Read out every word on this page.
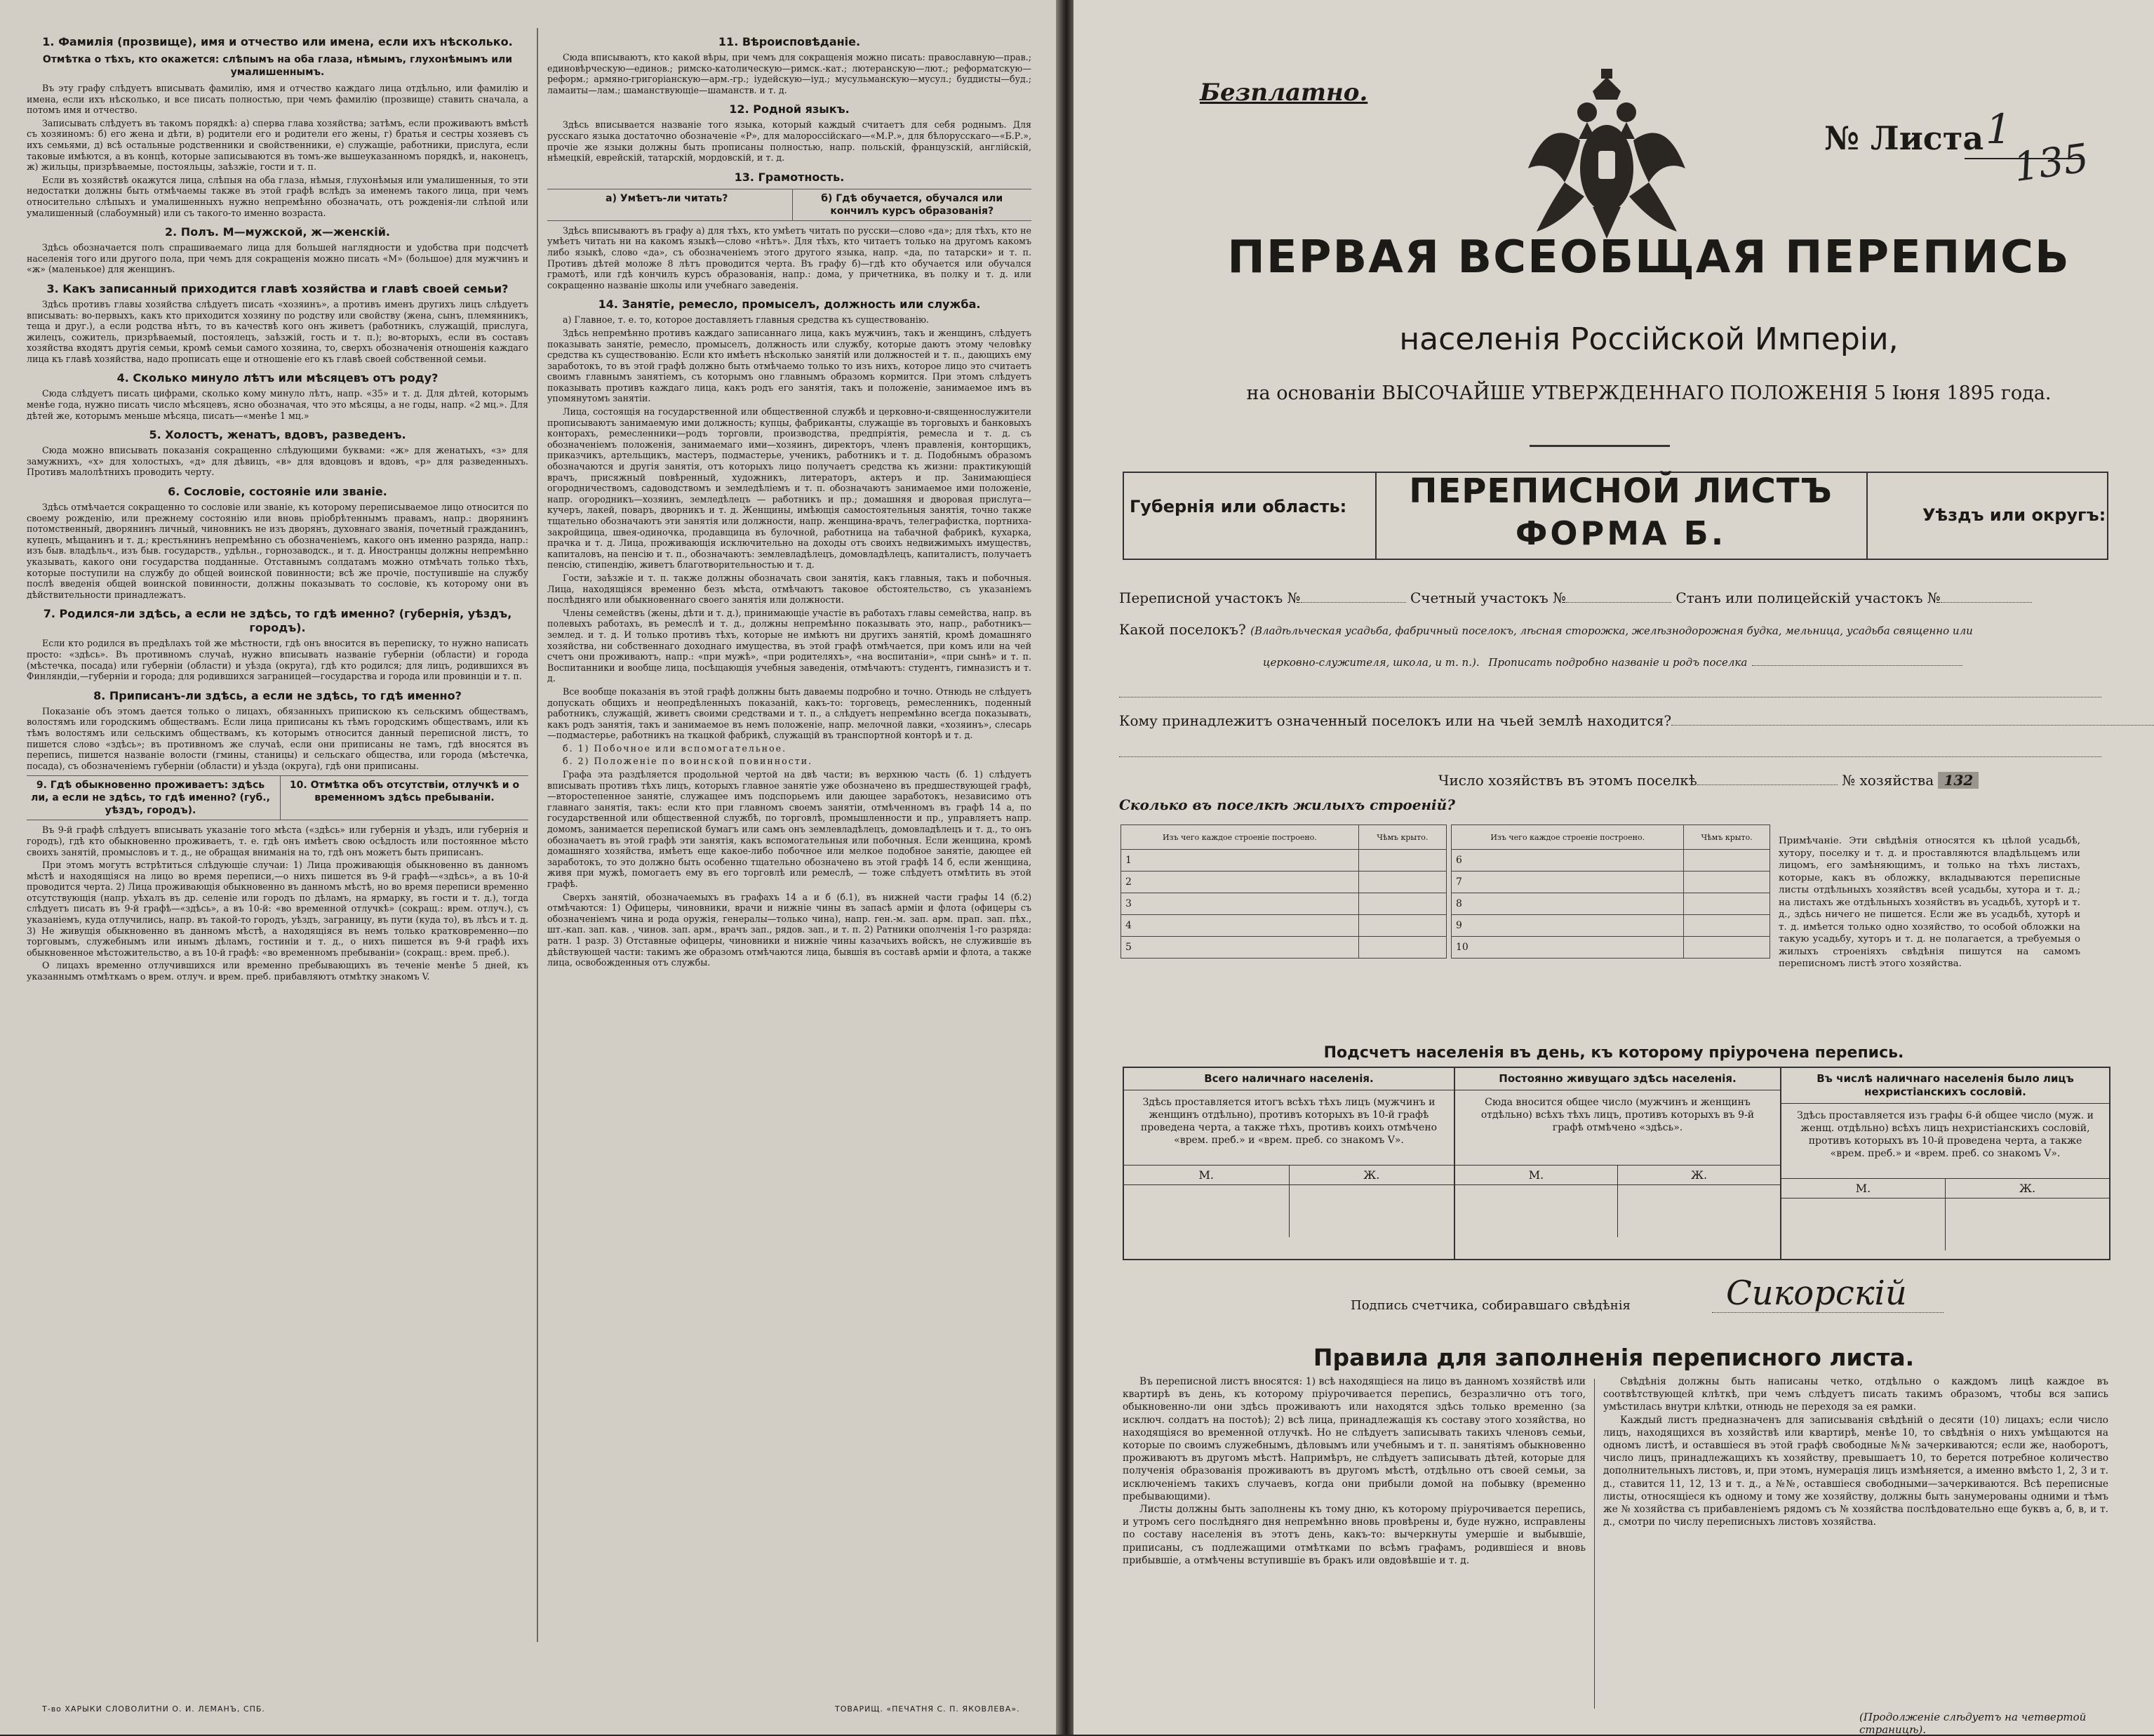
1. Фамилія (прозвище), имя и отчество или имена, если ихъ нѣсколько.

Отмѣтка о тѣхъ, кто окажется: слѣпымъ на оба глаза, нѣмымъ, глухонѣмымъ или умалишеннымъ.

Въ эту графу слѣдуетъ вписывать фамилію, имя и отчество каждаго лица отдѣльно, или фамилію и имена, если ихъ нѣсколько, и все писать полностью, при чемъ фамилію (прозвище) ставить сначала, а потомъ имя и отчество.

Записывать слѣдуетъ въ такомъ порядкѣ: а) сперва глава хозяйства; затѣмъ, если проживаютъ вмѣстѣ съ хозяиномъ: б) его жена и дѣти, в) родители его и родители его жены, г) братья и сестры хозяевъ съ ихъ семьями, д) всѣ остальные родственники и свойственники, е) служащіе, работники, прислуга, если таковые имѣются, а въ концѣ, которые записываются въ томъ-же вышеуказанномъ порядкѣ, и, наконецъ, ж) жильцы, призрѣваемые, постояльцы, заѣзжіе, гости и т. п.

Если въ хозяйствѣ окажутся лица, слѣпыя на оба глаза, нѣмыя, глухонѣмыя или умалишенныя, то эти недостатки должны быть отмѣчаемы также въ этой графѣ вслѣдъ за именемъ такого лица, при чемъ относительно слѣпыхъ и умалишенныхъ нужно непремѣнно обозначать, отъ рожденія-ли слѣпой или умалишенный (слабоумный) или съ такого-то именно возраста.

2. Полъ. М—мужской, ж—женскій.

Здѣсь обозначается полъ спрашиваемаго лица для большей наглядности и удобства при подсчетѣ населенія того или другого пола, при чемъ для сокращенія можно писать «М» (большое) для мужчинъ и «ж» (маленькое) для женщинъ.

3. Какъ записанный приходится главѣ хозяйства и главѣ своей семьи?

Здѣсь противъ главы хозяйства слѣдуетъ писать «хозяинъ», а противъ именъ другихъ лицъ слѣдуетъ вписывать: во-первыхъ, какъ кто приходится хозяину по родству или свойству (жена, сынъ, племянникъ, теща и друг.), а если родства нѣтъ, то въ качествѣ кого онъ живетъ (работникъ, служащій, прислуга, жилецъ, сожитель, призрѣваемый, постоялецъ, заѣзжій, гость и т. п.); во-вторыхъ, если въ составъ хозяйства входятъ другія семьи, кромѣ семьи самого хозяина, то, сверхъ обозначенія отношенія каждаго лица къ главѣ хозяйства, надо прописать еще и отношеніе его къ главѣ своей собственной семьи.

4. Сколько минуло лѣтъ или мѣсяцевъ отъ роду?

Сюда слѣдуетъ писать цифрами, сколько кому минуло лѣтъ, напр. «35» и т. д. Для дѣтей, которымъ менѣе года, нужно писать число мѣсяцевъ, ясно обозначая, что это мѣсяцы, а не годы, напр. «2 мц.». Для дѣтей же, которымъ меньше мѣсяца, писать—«менѣе 1 мц.»

5. Холостъ, женатъ, вдовъ, разведенъ.

Сюда можно вписывать показанія сокращенно слѣдующими буквами: «ж» для женатыхъ, «з» для замужнихъ, «х» для холостыхъ, «д» для дѣвицъ, «в» для вдовцовъ и вдовъ, «р» для разведенныхъ. Противъ малолѣтнихъ проводить черту.

6. Сословіе, состояніе или званіе.

Здѣсь отмѣчается сокращенно то сословіе или званіе, къ которому переписываемое лицо относится по своему рожденію, или прежнему состоянію или вновь пріобрѣтеннымъ правамъ, напр.: дворянинъ потомственный, дворянинъ личный, чиновникъ не изъ дворянъ, духовнаго званія, почетный гражданинъ, купецъ, мѣщанинъ и т. д.; крестьянинъ непремѣнно съ обозначеніемъ, какого онъ именно разряда, напр.: изъ быв. владѣльч., изъ быв. государств., удѣльн., горнозаводск., и т. д. Иностранцы должны непремѣнно указывать, какого они государства подданные. Отставнымъ солдатамъ можно отмѣчать только тѣхъ, которые поступили на службу до общей воинской повинности; всѣ же прочіе, поступившіе на службу послѣ введенія общей воинской повинности, должны показывать то сословіе, къ которому они въ дѣйствительности принадлежатъ.

7. Родился-ли здѣсь, а если не здѣсь, то гдѣ именно? (губернія, уѣздъ, городъ).

Если кто родился въ предѣлахъ той же мѣстности, гдѣ онъ вносится въ переписку, то нужно написать просто: «здѣсь». Въ противномъ случаѣ, нужно вписывать названіе губерніи (области) и города (мѣстечка, посада) или губерніи (области) и уѣзда (округа), гдѣ кто родился; для лицъ, родившихся въ Финляндіи,—губерніи и города; для родившихся заграницей—государства и города или провинціи и т. п.

8. Приписанъ-ли здѣсь, а если не здѣсь, то гдѣ именно?

Показаніе объ этомъ дается только о лицахъ, обязанныхъ припискою къ сельскимъ обществамъ, волостямъ или городскимъ обществамъ. Если лица приписаны къ тѣмъ городскимъ обществамъ, или къ тѣмъ волостямъ или сельскимъ обществамъ, къ которымъ относится данный переписной листъ, то пишется слово «здѣсь»; въ противномъ же случаѣ, если они приписаны не тамъ, гдѣ вносятся въ перепись, пишется названіе волости (гмины, станицы) и сельскаго общества, или города (мѣстечка, посада), съ обозначеніемъ губерніи (области) и уѣзда (округа), гдѣ они приписаны.

9. Гдѣ обыкновенно проживаетъ: здѣсь ли, а если не здѣсь, то гдѣ именно? (губ., уѣздъ, городъ).
10. Отмѣтка объ отсутствіи, отлучкѣ и о временномъ здѣсь пребываніи.

Въ 9-й графѣ слѣдуетъ вписывать указаніе того мѣста («здѣсь» или губернія и уѣздъ, или губернія и городъ), гдѣ кто обыкновенно проживаетъ, т. е. гдѣ онъ имѣетъ свою осѣдлость или постоянное мѣсто своихъ занятій, промысловъ и т. д., не обращая вниманія на то, гдѣ онъ можетъ быть приписанъ.

При этомъ могутъ встрѣтиться слѣдующіе случаи: 1) Лица проживающія обыкновенно въ данномъ мѣстѣ и находящіяся на лицо во время переписи,—о нихъ пишется въ 9-й графѣ—«здѣсь», а въ 10-й проводится черта. 2) Лица проживающія обыкновенно въ данномъ мѣстѣ, но во время переписи временно отсутствующія (напр. уѣхалъ въ др. селеніе или городъ по дѣламъ, на ярмарку, въ гости и т. д.), тогда слѣдуетъ писать въ 9-й графѣ—«здѣсь», а въ 10-й: «во временной отлучкѣ» (сокращ.: врем. отлуч.), съ указаніемъ, куда отлучились, напр. въ такой-то городъ, уѣздъ, заграницу, въ пути (куда то), въ лѣсъ и т. д. 3) Не живущія обыкновенно въ данномъ мѣстѣ, а находящіяся въ немъ только кратковременно—по торговымъ, служебнымъ или инымъ дѣламъ, гостиніи и т. д., о нихъ пишется въ 9-й графѣ ихъ обыкновенное мѣстожительство, а въ 10-й графѣ: «во временномъ пребываніи» (сокращ.: врем. преб.).

О лицахъ временно отлучившихся или временно пребывающихъ въ теченіе менѣе 5 дней, къ указаннымъ отмѣткамъ о врем. отлуч. и врем. преб. прибавляютъ отмѣтку знакомъ V.

11. Вѣроисповѣданіе.

Сюда вписываютъ, кто какой вѣры, при чемъ для сокращенія можно писать: православную—прав.; единовѣрческую—единов.; римско-католическую—римск.-кат.; лютеранскую—лют.; реформатскую—реформ.; армяно-григоріанскую—арм.-гр.; іудейскую—іуд.; мусульманскую—мусул.; буддисты—буд.; ламаиты—лам.; шаманствующіе—шаманств. и т. д.

12. Родной языкъ.

Здѣсь вписывается названіе того языка, который каждый считаетъ для себя роднымъ. Для русскаго языка достаточно обозначеніе «Р», для малороссійскаго—«М.Р.», для бѣлорусскаго—«Б.Р.», прочіе же языки должны быть прописаны полностью, напр. польскій, французскій, англійскій, нѣмецкій, еврейскій, татарскій, мордовскій, и т. д.

13. Грамотность.
а) Умѣетъ-ли читать?	б) Гдѣ обучается, обучался или кончилъ курсъ образованія?

Здѣсь вписываютъ въ графу а) для тѣхъ, кто умѣетъ читать по русски—слово «да»; для тѣхъ, кто не умѣетъ читать ни на какомъ языкѣ—слово «нѣтъ». Для тѣхъ, кто читаетъ только на другомъ какомъ либо языкѣ, слово «да», съ обозначеніемъ этого другого языка, напр. «да, по татарски» и т. п. Противъ дѣтей моложе 8 лѣтъ проводится черта. Въ графу б)—гдѣ кто обучается или обучался грамотѣ, или гдѣ кончилъ курсъ образованія, напр.: дома, у причетника, въ полку и т. д. или сокращенно названіе школы или учебнаго заведенія.

14. Занятіе, ремесло, промыселъ, должность или служба.

а) Главное, т. е. то, которое доставляетъ главныя средства къ существованію.

Здѣсь непремѣнно противъ каждаго записаннаго лица, какъ мужчинъ, такъ и женщинъ, слѣдуетъ показывать занятіе, ремесло, промыселъ, должность или службу, которые даютъ этому человѣку средства къ существованію. Если кто имѣетъ нѣсколько занятій или должностей и т. п., дающихъ ему заработокъ, то въ этой графѣ должно быть отмѣчаемо только то изъ нихъ, которое лицо это считаетъ своимъ главнымъ занятіемъ, съ которымъ оно главнымъ образомъ кормится. При этомъ слѣдуетъ показывать противъ каждаго лица, какъ родъ его занятія, такъ и положеніе, занимаемое имъ въ упомянутомъ занятіи.

Лица, состоящія на государственной или общественной службѣ и церковно-и-священнослужители прописываютъ занимаемую ими должность; купцы, фабриканты, служащіе въ торговыхъ и банковыхъ конторахъ, ремесленники—родъ торговли, производства, предпріятія, ремесла и т. д. съ обозначеніемъ положенія, занимаемаго ими—хозяинъ, директоръ, членъ правленія, конторщикъ, приказчикъ, артельщикъ, мастеръ, подмастерье, ученикъ, работникъ и т. д. Подобнымъ образомъ обозначаются и другія занятія, отъ которыхъ лицо получаетъ средства къ жизни: практикующій врачъ, присяжный повѣренный, художникъ, литераторъ, актеръ и пр. Занимающіеся огородничествомъ, садоводствомъ и земледѣліемъ и т. п. обозначаютъ занимаемое ими положеніе, напр. огородникъ—хозяинъ, земледѣлецъ — работникъ и пр.; домашняя и дворовая прислуга—кучеръ, лакей, поваръ, дворникъ и т. д. Женщины, имѣющія самостоятельныя занятія, точно также тщательно обозначаютъ эти занятія или должности, напр. женщина-врачъ, телеграфистка, портниха-закройщица, швея-одиночка, продавщица въ булочной, работница на табачной фабрикѣ, кухарка, прачка и т. д. Лица, проживающія исключительно на доходы отъ своихъ недвижимыхъ имуществъ, капиталовъ, на пенсію и т. п., обозначаютъ: землевладѣлецъ, домовладѣлецъ, капиталистъ, получаетъ пенсію, стипендію, живетъ благотворительностью и т. д.

Гости, заѣзжіе и т. п. также должны обозначать свои занятія, какъ главныя, такъ и побочныя. Лица, находящіяся временно безъ мѣста, отмѣчаютъ таковое обстоятельство, съ указаніемъ послѣдняго или обыкновеннаго своего занятія или должности.

Члены семействъ (жены, дѣти и т. д.), принимающіе участіе въ работахъ главы семейства, напр. въ полевыхъ работахъ, въ ремеслѣ и т. д., должны непремѣнно показывать это, напр., работникъ—землед. и т. д. И только противъ тѣхъ, которые не имѣютъ ни другихъ занятій, кромѣ домашняго хозяйства, ни собственнаго доходнаго имущества, въ этой графѣ отмѣчается, при комъ или на чей счетъ они проживаютъ, напр.: «при мужѣ», «при родителяхъ», «на воспитаніи», «при сынѣ» и т. п. Воспитанники и вообще лица, посѣщающія учебныя заведенія, отмѣчаютъ: студентъ, гимназистъ и т. д.

Все вообще показанія въ этой графѣ должны быть даваемы подробно и точно. Отнюдь не слѣдуетъ допускать общихъ и неопредѣленныхъ показаній, какъ-то: торговецъ, ремесленникъ, поденный работникъ, служащій, живетъ своими средствами и т. п., а слѣдуетъ непремѣнно всегда показывать, какъ родъ занятія, такъ и занимаемое въ немъ положеніе, напр. мелочной лавки, «хозяинъ», слесарь—подмастерье, работникъ на ткацкой фабрикѣ, служащій въ транспортной конторѣ и т. д.

б. 1) Побочное или вспомогательное.

б. 2) Положеніе по воинской повинности.

Графа эта раздѣляется продольной чертой на двѣ части; въ верхнюю часть (б. 1) слѣдуетъ вписывать противъ тѣхъ лицъ, которыхъ главное занятіе уже обозначено въ предшествующей графѣ,—второстепенное занятіе, служащее имъ подспорьемъ или дающее заработокъ, независимо отъ главнаго занятія, такъ: если кто при главномъ своемъ занятіи, отмѣченномъ въ графѣ 14 а, по государственной или общественной службѣ, по торговлѣ, промышленности и пр., управляетъ напр. домомъ, занимается перепиской бумагъ или самъ онъ землевладѣлецъ, домовладѣлецъ и т. д., то онъ обозначаетъ въ этой графѣ эти занятія, какъ вспомогательныя или побочныя. Если женщина, кромѣ домашняго хозяйства, имѣетъ еще какое-либо побочное или мелкое подобное занятіе, дающее ей заработокъ, то это должно быть особенно тщательно обозначено въ этой графѣ 14 б, если женщина, живя при мужѣ, помогаетъ ему въ его торговлѣ или ремеслѣ, — тоже слѣдуетъ отмѣтить въ этой графѣ.

Сверхъ занятій, обозначаемыхъ въ графахъ 14 а и б (б.1), въ нижней части графы 14 (б.2) отмѣчаются: 1) Офицеры, чиновники, врачи и нижніе чины въ запасѣ арміи и флота (офицеры съ обозначеніемъ чина и рода оружія, генералы—только чина), напр. ген.-м. зап. арм. прап. зап. пѣх., шт.-кап. зап. кав. , чинов. зап. арм., врачъ зап., рядов. зап., и т. п. 2) Ратники ополченія 1-го разряда: ратн. 1 разр. 3) Отставные офицеры, чиновники и нижніе чины казачьихъ войскъ, не служившіе въ дѣйствующей части: такимъ же образомъ отмѣчаются лица, бывшія въ составѣ арміи и флота, а также лица, освобожденныя отъ службы.

Т-во ХАРЫКИ СЛОВОЛИТНИ О. И. ЛЕМАНЪ, СПБ.	ТОВАРИЩ. «ПЕЧАТНЯ С. П. ЯКОВЛЕВА».
Безплатно.
№ Листа 1
135
ПЕРВАЯ ВСЕОБЩАЯ ПЕРЕПИСЬ
населенія Россійской Имперіи,
на основаніи ВЫСОЧАЙШЕ УТВЕРЖДЕННАГО ПОЛОЖЕНІЯ 5 Іюня 1895 года.
Губернія или область:	ПЕРЕПИСНОЙ ЛИСТЪ
ФОРМА Б.	Уѣздъ или округъ:
Переписной участокъ №	Счетный участокъ №	Станъ или полицейскій участокъ №
Какой поселокъ? (Владѣльческая усадьба, фабричный поселокъ, лѣсная сторожка, желѣзнодорожная будка, мельница, усадьба священно или
церковно-служителя, школа, и т. п.). Прописать подробно названіе и родъ поселка
Кому принадлежитъ означенный поселокъ или на чьей землѣ находится?
Число хозяйствъ въ этомъ поселкѣ	№ хозяйства 132
Сколько въ поселкѣ жилыхъ строеній?
Изъ чего каждое строеніе построено.	Чѣмъ крыто.
1	
2	
3	
4	
5	
Изъ чего каждое строеніе построено.	Чѣмъ крыто.
6	
7	
8	
9	
10	
Примѣчаніе. Эти свѣдѣнія относятся къ цѣлой усадьбѣ, хутору, поселку и т. д. и проставляются владѣльцемъ или лицомъ, его замѣняющимъ, и только на тѣхъ листахъ, которые, какъ въ обложку, вкладываются переписные листы отдѣльныхъ хозяйствъ всей усадьбы, хутора и т. д.; на листахъ же отдѣльныхъ хозяйствъ въ усадьбѣ, хуторѣ и т. д., здѣсь ничего не пишется. Если же въ усадьбѣ, хуторѣ и т. д. имѣется только одно хозяйство, то особой обложки на такую усадьбу, хуторъ и т. д. не полагается, а требуемыя о жилыхъ строеніяхъ свѣдѣнія пишутся на самомъ переписномъ листѣ этого хозяйства.
Подсчетъ населенія въ день, къ которому пріурочена перепись.
Всего наличнаго населенія.
Здѣсь проставляется итогъ всѣхъ тѣхъ лицъ (мужчинъ и женщинъ отдѣльно), противъ которыхъ въ 10-й графѣ проведена черта, а также тѣхъ, противъ коихъ отмѣчено «врем. преб.» и «врем. преб. со знакомъ V».
М.	Ж.
Постоянно живущаго здѣсь населенія.
Сюда вносится общее число (мужчинъ и женщинъ отдѣльно) всѣхъ тѣхъ лицъ, противъ которыхъ въ 9-й графѣ отмѣчено «здѣсь».
М.	Ж.
Въ числѣ наличнаго населенія было лицъ нехристіанскихъ сословій.
Здѣсь проставляется изъ графы 6-й общее число (муж. и женщ. отдѣльно) всѣхъ лицъ нехристіанскихъ сословій, противъ которыхъ въ 10-й проведена черта, а также «врем. преб.» и «врем. преб. со знакомъ V».
М.	Ж.
Подпись счетчика, собиравшаго свѣдѣнія	Сикорскій
Правила для заполненія переписного листа.

Въ переписной листъ вносятся: 1) всѣ находящіеся на лицо въ данномъ хозяйствѣ или квартирѣ въ день, къ которому пріурочивается перепись, безразлично отъ того, обыкновенно-ли они здѣсь проживаютъ или находятся здѣсь только временно (за исключ. солдатъ на постоѣ); 2) всѣ лица, принадлежащія къ составу этого хозяйства, но находящіяся во временной отлучкѣ. Но не слѣдуетъ записывать такихъ членовъ семьи, которые по своимъ служебнымъ, дѣловымъ или учебнымъ и т. п. занятіямъ обыкновенно проживаютъ въ другомъ мѣстѣ. Напримѣръ, не слѣдуетъ записывать дѣтей, которые для полученія образованія проживаютъ въ другомъ мѣстѣ, отдѣльно отъ своей семьи, за исключеніемъ такихъ случаевъ, когда они прибыли домой на побывку (временно пребывающими).

Листы должны быть заполнены къ тому дню, къ которому пріурочивается перепись, и утромъ сего послѣдняго дня непремѣнно вновь провѣрены и, буде нужно, исправлены по составу населенія въ этотъ день, какъ-то: вычеркнуты умершіе и выбывшіе, приписаны, съ подлежащими отмѣтками по всѣмъ графамъ, родившіеся и вновь прибывшіе, а отмѣчены вступившіе въ бракъ или овдовѣвшіе и т. д.

Свѣдѣнія должны быть написаны четко, отдѣльно о каждомъ лицѣ каждое въ соотвѣтствующей клѣткѣ, при чемъ слѣдуетъ писать такимъ образомъ, чтобы вся запись умѣстилась внутри клѣтки, отнюдь не переходя за ея рамки.

Каждый листъ предназначенъ для записыванія свѣдѣній о десяти (10) лицахъ; если число лицъ, находящихся въ хозяйствѣ или квартирѣ, менѣе 10, то свѣдѣнія о нихъ умѣщаются на одномъ листѣ, и оставшіеся въ этой графѣ свободные №№ зачеркиваются; если же, наоборотъ, число лицъ, принадлежащихъ къ хозяйству, превышаетъ 10, то берется потребное количество дополнительныхъ листовъ, и, при этомъ, нумерація лицъ измѣняется, а именно вмѣсто 1, 2, 3 и т. д., ставится 11, 12, 13 и т. д., а №№, оставшіеся свободными—зачеркиваются. Всѣ переписные листы, относящіеся къ одному и тому же хозяйству, должны быть занумерованы одними и тѣмъ же № хозяйства съ прибавленіемъ рядомъ съ № хозяйства послѣдовательно еще буквъ а, б, в, и т. д., смотри по числу переписныхъ листовъ хозяйства.

(Продолженіе слѣдуетъ на четвертой страницѣ).
